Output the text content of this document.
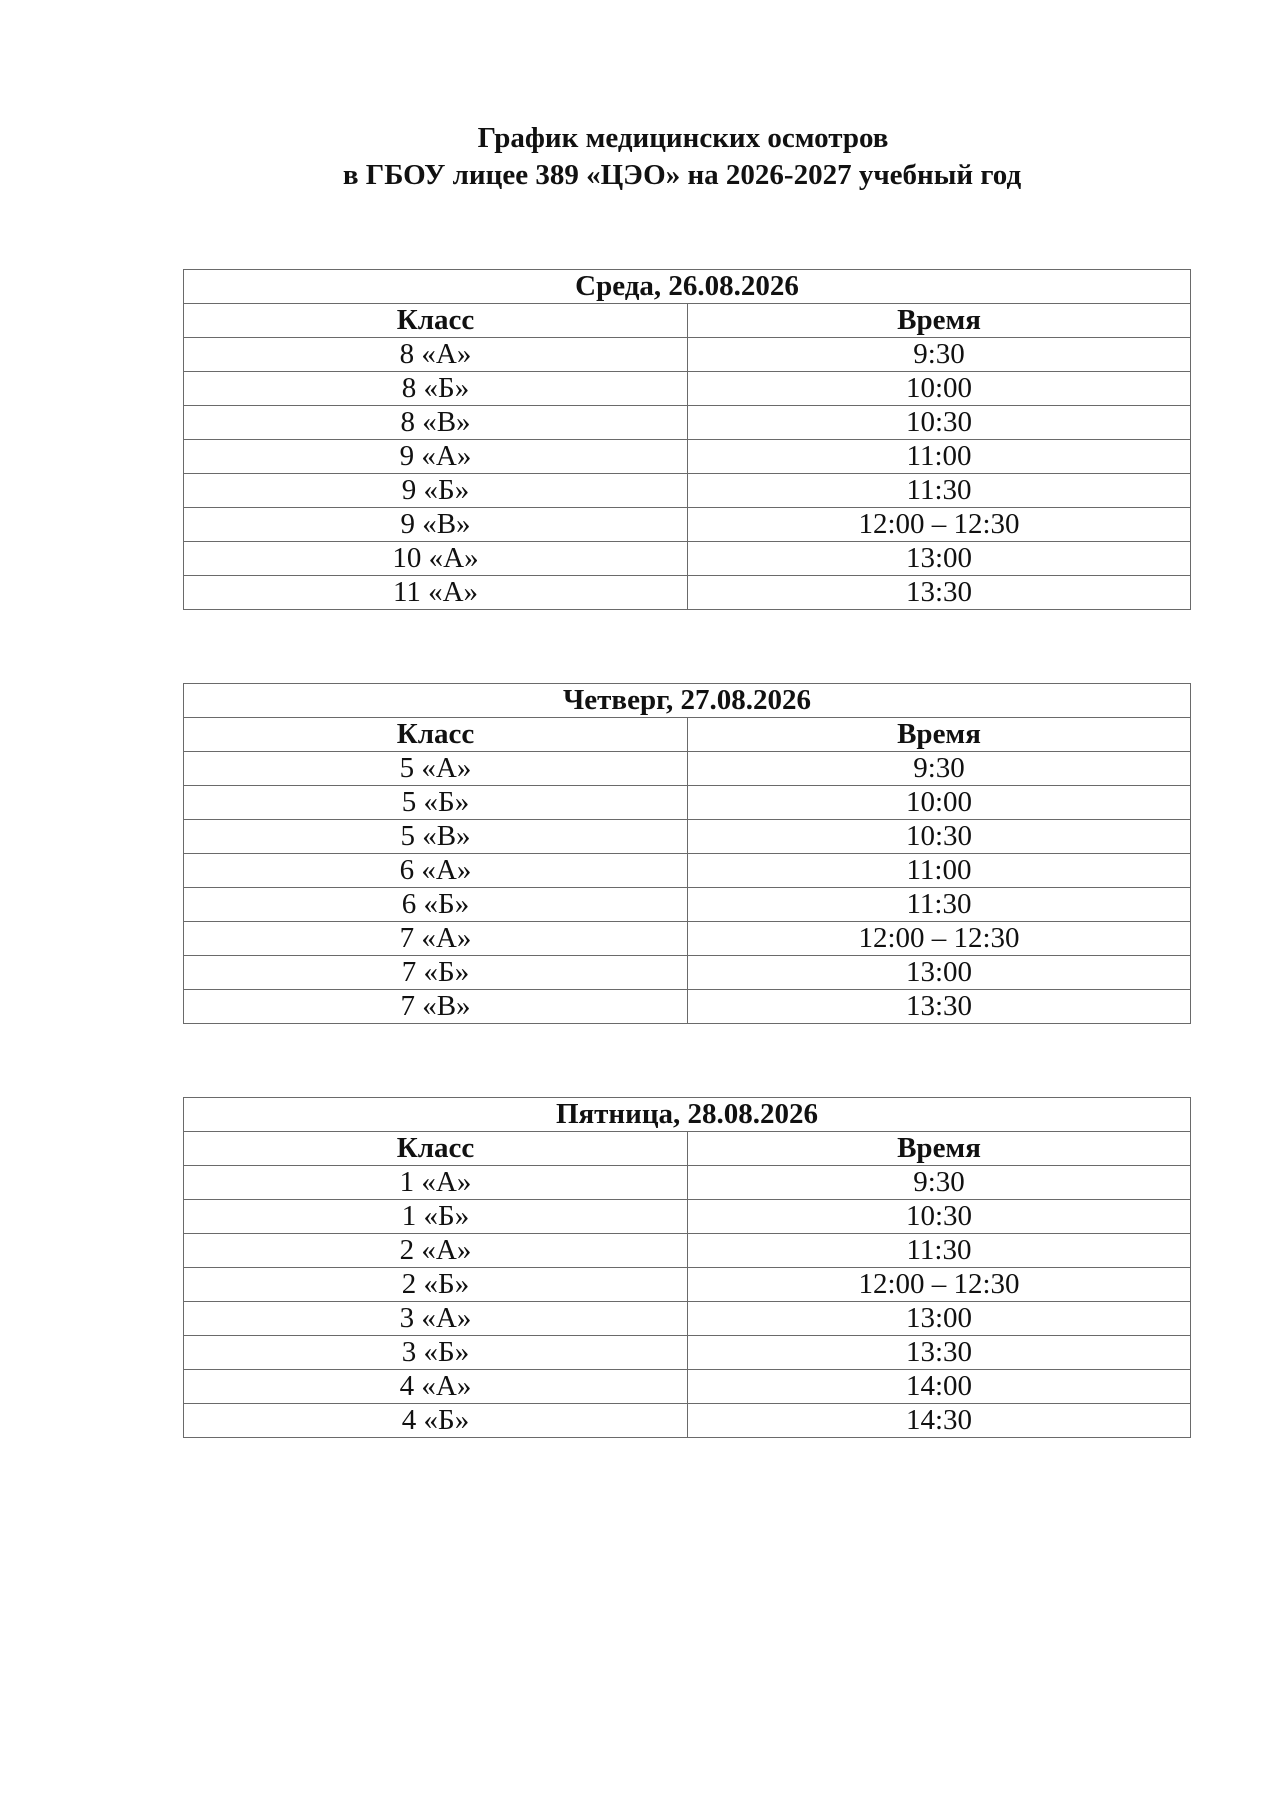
График медицинских осмотров
в ГБОУ лицее 389 «ЦЭО» на 2026-2027 учебный год
Среда, 26.08.2026	
Класс	Время
8 «А»	9:30
8 «Б»	10:00
8 «В»	10:30
9 «А»	11:00
9 «Б»	11:30
9 «В»	12:00 – 12:30
10 «А»	13:00
11 «А»	13:30
Четверг, 27.08.2026	
Класс	Время
5 «А»	9:30
5 «Б»	10:00
5 «В»	10:30
6 «А»	11:00
6 «Б»	11:30
7 «А»	12:00 – 12:30
7 «Б»	13:00
7 «В»	13:30
Пятница, 28.08.2026	
Класс	Время
1 «А»	9:30
1 «Б»	10:30
2 «А»	11:30
2 «Б»	12:00 – 12:30
3 «А»	13:00
3 «Б»	13:30
4 «А»	14:00
4 «Б»	14:30
